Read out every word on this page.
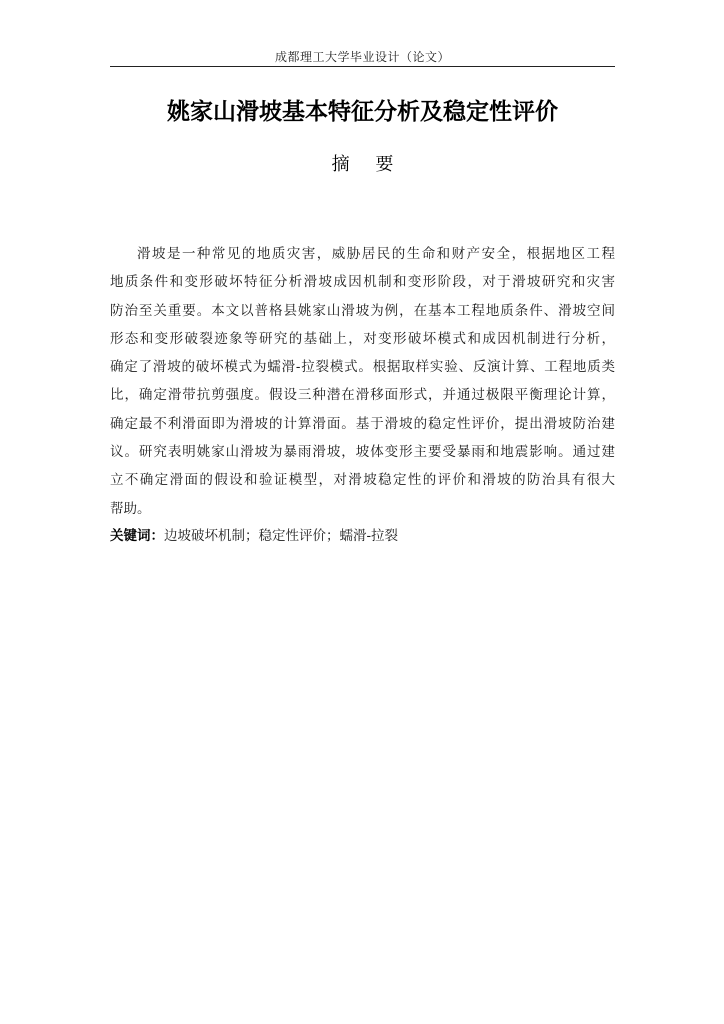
成都理工大学毕业设计（论文）
姚家山滑坡基本特征分析及稳定性评价
摘 要
滑坡是一种常见的地质灾害，威胁居民的生命和财产安全，根据地区工程
地质条件和变形破坏特征分析滑坡成因机制和变形阶段，对于滑坡研究和灾害
防治至关重要。本文以普格县姚家山滑坡为例，在基本工程地质条件、滑坡空间
形态和变形破裂迹象等研究的基础上，对变形破坏模式和成因机制进行分析，
确定了滑坡的破坏模式为蠕滑-拉裂模式。根据取样实验、反演计算、工程地质类
比，确定滑带抗剪强度。假设三种潜在滑移面形式，并通过极限平衡理论计算，
确定最不利滑面即为滑坡的计算滑面。基于滑坡的稳定性评价，提出滑坡防治建
议。研究表明姚家山滑坡为暴雨滑坡，坡体变形主要受暴雨和地震影响。通过建
立不确定滑面的假设和验证模型，对滑坡稳定性的评价和滑坡的防治具有很大
帮助。
关键词：边坡破坏机制；稳定性评价；蠕滑-拉裂
